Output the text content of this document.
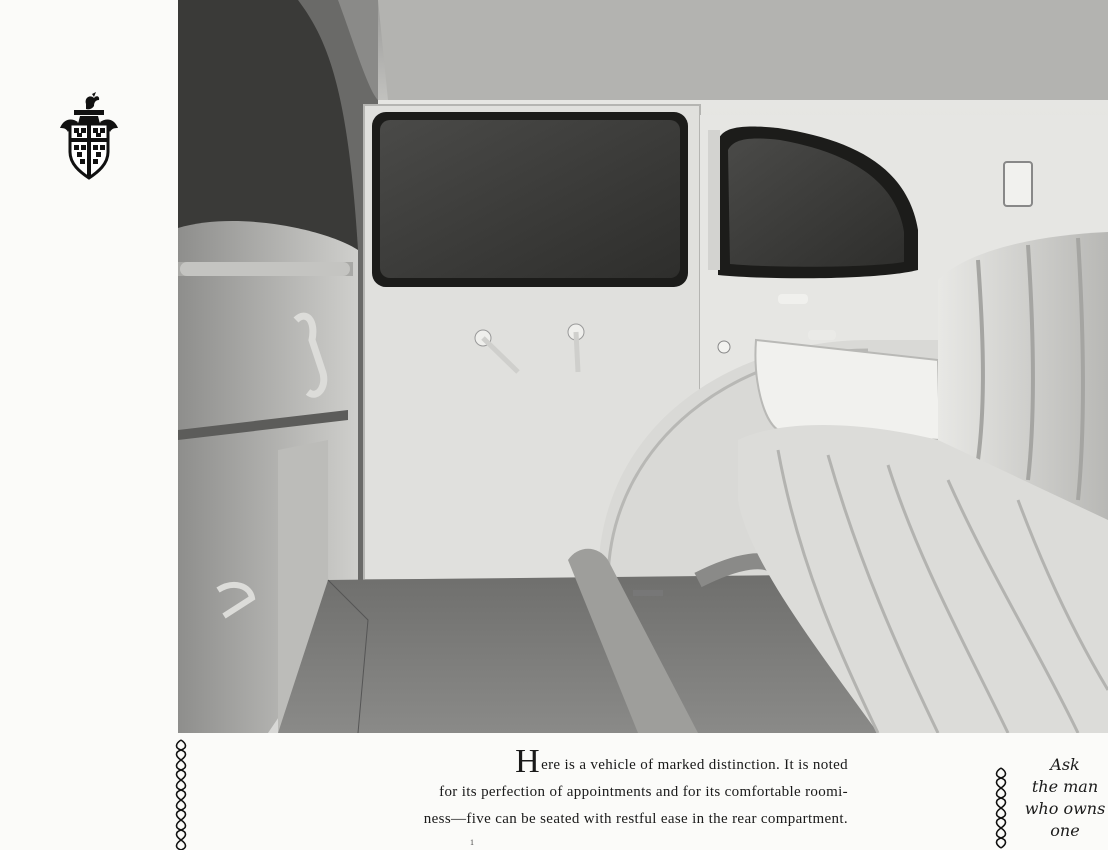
Here is a vehicle of marked distinction. It is noted
for its perfection of appointments and for its comfortable roomi-
ness—five can be seated with restful ease in the rear compartment.
Ask
the man
who owns
one
1
